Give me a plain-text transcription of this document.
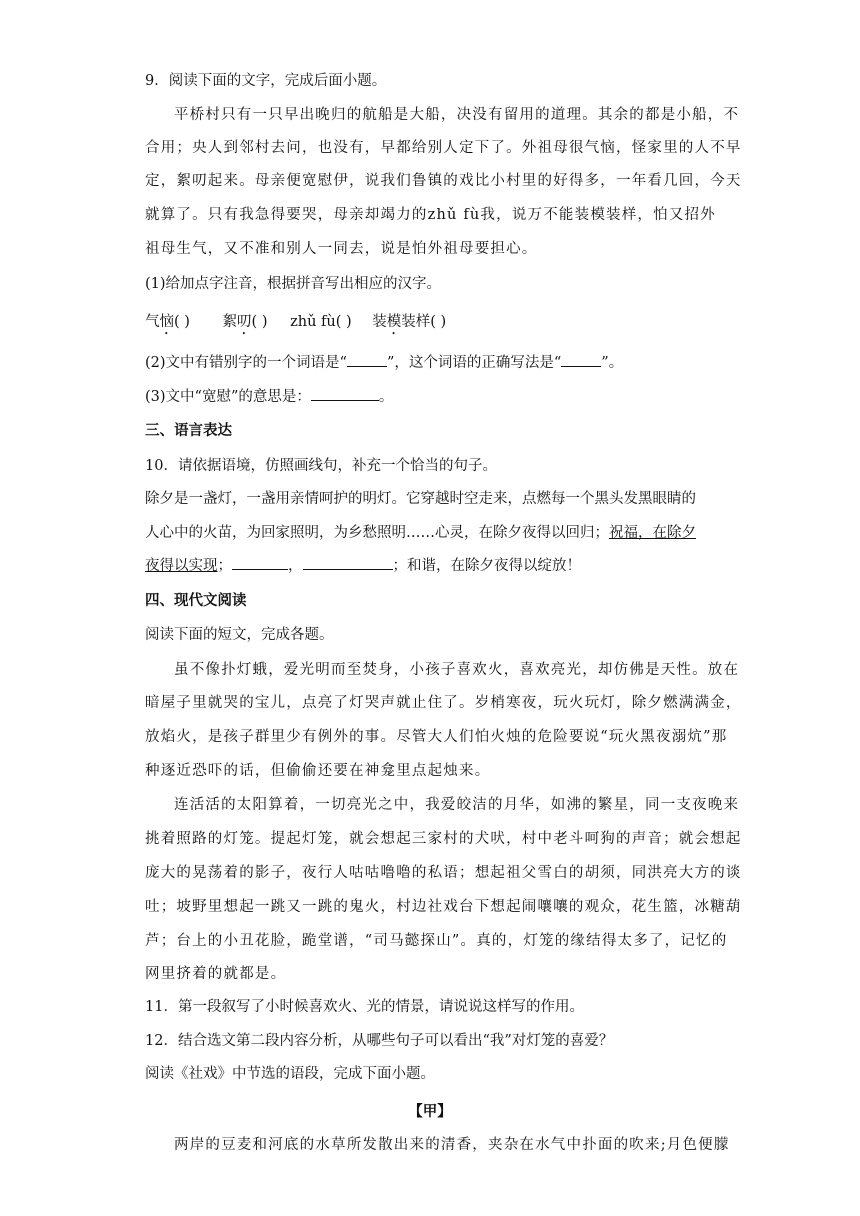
9．阅读下面的文字，完成后面小题。
平桥村只有一只早出晚归的航船是大船，决没有留用的道理。其余的都是小船，不
合用；央人到邻村去问，也没有，早都给别人定下了。外祖母很气恼，怪家里的人不早
定，絮叨起来。母亲便宽慰伊，说我们鲁镇的戏比小村里的好得多，一年看几回，今天
就算了。只有我急得要哭，母亲却竭力的zhǔ fù我，说万不能装模装样，怕又招外
祖母生气，又不准和别人一同去，说是怕外祖母要担心。
(1)给加点字注音，根据拼音写出相应的汉字。
气恼( ) 絮叨( ) zhǔ fù( ) 装模装样( )
(2)文中有错别字的一个词语是“	”，这个词语的正确写法是“	”。
(3)文中“宽慰”的意思是：	。
三、语言表达
10．请依据语境，仿照画线句，补充一个恰当的句子。
除夕是一盏灯，一盏用亲情呵护的明灯。它穿越时空走来，点燃每一个黑头发黑眼睛的
人心中的火苗，为回家照明，为乡愁照明……心灵，在除夕夜得以回归；祝福，在除夕
夜得以实现；	，	；和谐，在除夕夜得以绽放！
四、现代文阅读
阅读下面的短文，完成各题。
虽不像扑灯蛾，爱光明而至焚身，小孩子喜欢火，喜欢亮光，却仿佛是天性。放在
暗屋子里就哭的宝儿，点亮了灯哭声就止住了。岁梢寒夜，玩火玩灯，除夕燃满满金，
放焰火，是孩子群里少有例外的事。尽管大人们怕火烛的危险要说“玩火黑夜溺炕”那
种逐近恐吓的话，但偷偷还要在神龛里点起烛来。
连活活的太阳算着，一切亮光之中，我爱皎洁的月华，如沸的繁星，同一支夜晚来
挑着照路的灯笼。提起灯笼，就会想起三家村的犬吠，村中老斗呵狗的声音；就会想起
庞大的晃荡着的影子，夜行人咕咕噜噜的私语；想起祖父雪白的胡须，同洪亮大方的谈
吐；坡野里想起一跳又一跳的鬼火，村边社戏台下想起闹嚷嚷的观众，花生篮，冰糖葫
芦；台上的小丑花脸，跪堂谱，“司马懿探山”。真的，灯笼的缘结得太多了，记忆的
网里挤着的就都是。
11．第一段叙写了小时候喜欢火、光的情景，请说说这样写的作用。
12．结合选文第二段内容分析，从哪些句子可以看出“我”对灯笼的喜爱？
阅读《社戏》中节选的语段，完成下面小题。
【甲】
两岸的豆麦和河底的水草所发散出来的清香，夹杂在水气中扑面的吹来;月色便朦
